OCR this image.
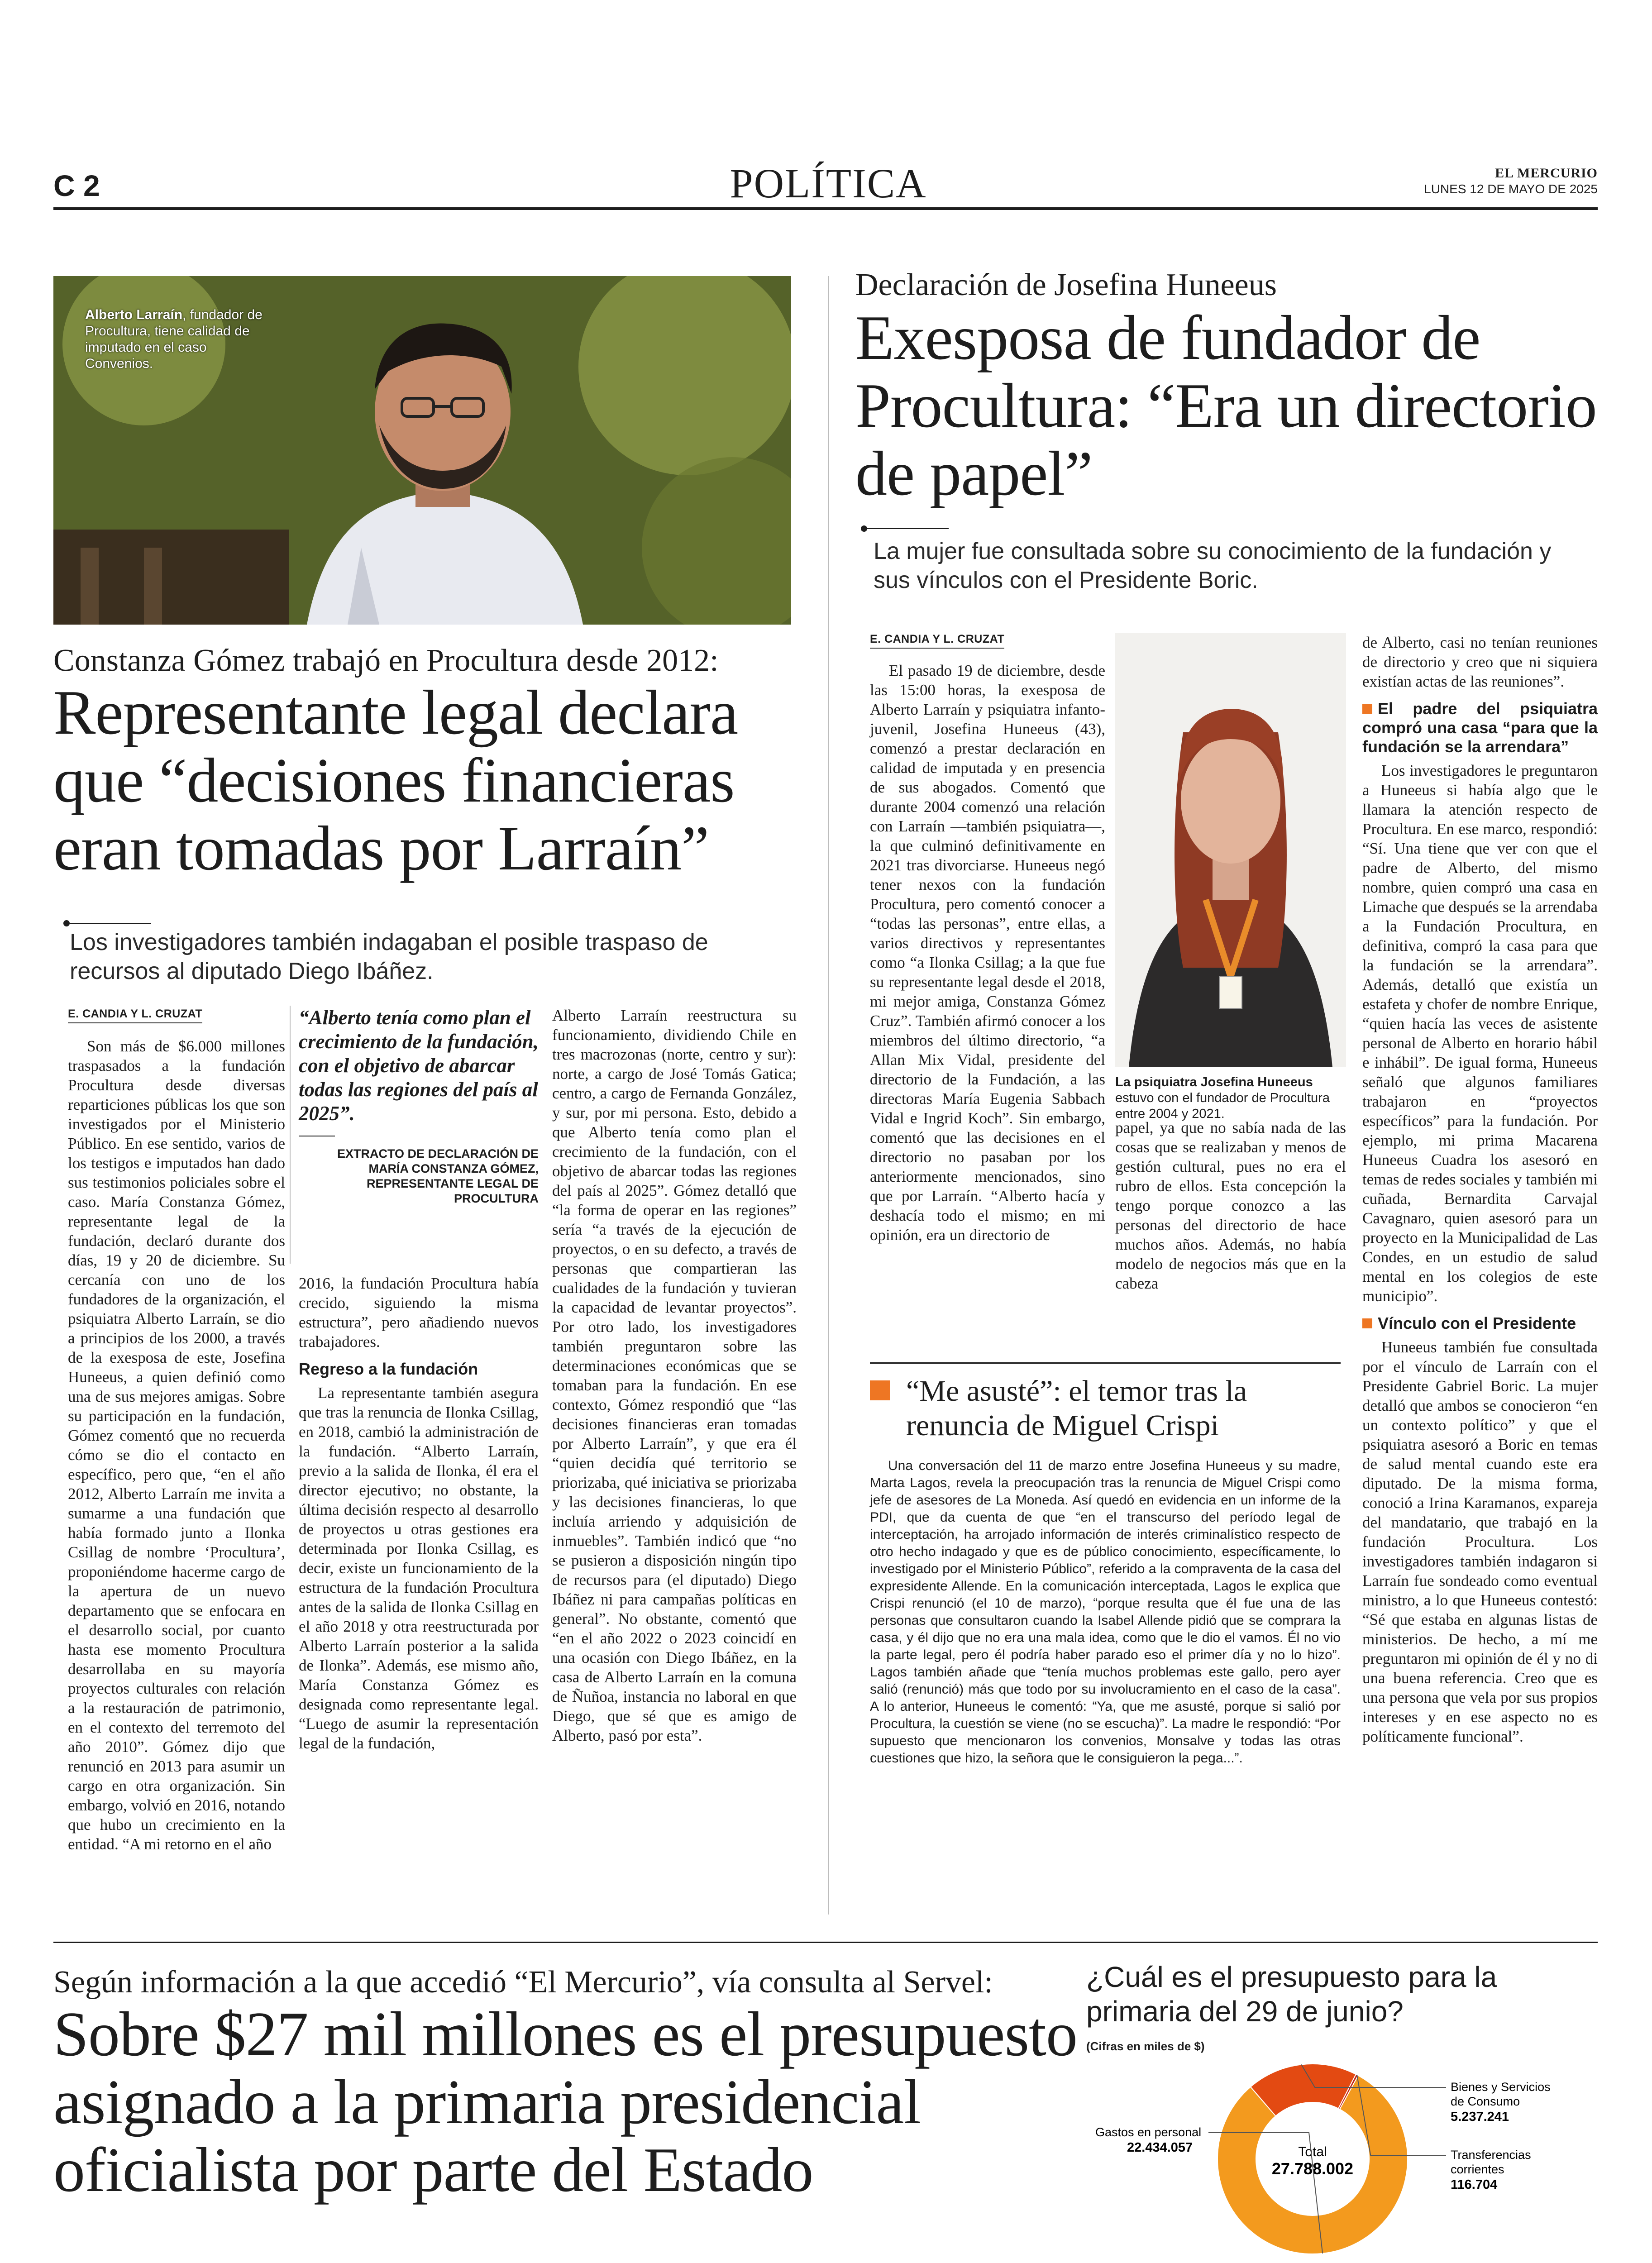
C 2	POLÍTICA	EL MERCURIO
LUNES 12 DE MAYO DE 2025
Alberto Larraín, fundador de Procultura, tiene calidad de imputado en el caso Convenios.
Constanza Gómez trabajó en Procultura desde 2012:
Representante legal declara que “decisiones financieras eran tomadas por Larraín”
Los investigadores también indagaban el posible traspaso de recursos al diputado Diego Ibáñez.
E. CANDIA Y L. CRUZAT

Son más de $6.000 millones traspasados a la fundación Procultura desde diversas reparticiones públicas los que son investigados por el Ministerio Público. En ese sentido, varios de los testigos e imputados han dado sus testimonios policiales sobre el caso. María Constanza Gómez, representante legal de la fundación, declaró durante dos días, 19 y 20 de diciembre. Su cercanía con uno de los fundadores de la organización, el psiquiatra Alberto Larraín, se dio a principios de los 2000, a través de la exesposa de este, Josefina Huneeus, a quien definió como una de sus mejores amigas. Sobre su participación en la fundación, Gómez comentó que no recuerda cómo se dio el contacto en específico, pero que, “en el año 2012, Alberto Larraín me invita a sumarme a una fundación que había formado junto a Ilonka Csillag de nombre ‘Procultura’, proponiéndome hacerme cargo de la apertura de un nuevo departamento que se enfocara en el desarrollo social, por cuanto hasta ese momento Procultura desarrollaba en su mayoría proyectos culturales con relación a la restauración de patrimonio, en el contexto del terremoto del año 2010”. Gómez dijo que renunció en 2013 para asumir un cargo en otra organización. Sin embargo, volvió en 2016, notando que hubo un crecimiento en la entidad. “A mi retorno en el año

“Alberto tenía como plan el crecimiento de la fundación, con el objetivo de abarcar todas las regiones del país al 2025”.
EXTRACTO DE DECLARACIÓN DE MARÍA CONSTANZA GÓMEZ, REPRESENTANTE LEGAL DE PROCULTURA

2016, la fundación Procultura había crecido, siguiendo la misma estructura”, pero añadiendo nuevos trabajadores.

Regreso a la fundación

La representante también asegura que tras la renuncia de Ilonka Csillag, en 2018, cambió la administración de la fundación. “Alberto Larraín, previo a la salida de Ilonka, él era el director ejecutivo; no obstante, la última decisión respecto al desarrollo de proyectos u otras gestiones era determinada por Ilonka Csillag, es decir, existe un funcionamiento de la estructura de la fundación Procultura antes de la salida de Ilonka Csillag en el año 2018 y otra reestructurada por Alberto Larraín posterior a la salida de Ilonka”. Además, ese mismo año, María Constanza Gómez es designada como representante legal. “Luego de asumir la representación legal de la fundación,

Alberto Larraín reestructura su funcionamiento, dividiendo Chile en tres macrozonas (norte, centro y sur): norte, a cargo de José Tomás Gatica; centro, a cargo de Fernanda González, y sur, por mi persona. Esto, debido a que Alberto tenía como plan el crecimiento de la fundación, con el objetivo de abarcar todas las regiones del país al 2025”. Gómez detalló que “la forma de operar en las regiones” sería “a través de la ejecución de proyectos, o en su defecto, a través de personas que compartieran las cualidades de la fundación y tuvieran la capacidad de levantar proyectos”. Por otro lado, los investigadores también preguntaron sobre las determinaciones económicas que se tomaban para la fundación. En ese contexto, Gómez respondió que “las decisiones financieras eran tomadas por Alberto Larraín”, y que era él “quien decidía qué territorio se priorizaba, qué iniciativa se priorizaba y las decisiones financieras, lo que incluía arriendo y adquisición de inmuebles”. También indicó que “no se pusieron a disposición ningún tipo de recursos para (el diputado) Diego Ibáñez ni para campañas políticas en general”. No obstante, comentó que “en el año 2022 o 2023 coincidí en una ocasión con Diego Ibáñez, en la casa de Alberto Larraín en la comuna de Ñuñoa, instancia no laboral en que Diego, que sé que es amigo de Alberto, pasó por esta”.

Declaración de Josefina Huneeus
Exesposa de fundador de Procultura: “Era un directorio de papel”
La mujer fue consultada sobre su conocimiento de la fundación y sus vínculos con el Presidente Boric.
E. CANDIA Y L. CRUZAT

El pasado 19 de diciembre, desde las 15:00 horas, la exesposa de Alberto Larraín y psiquiatra infanto-juvenil, Josefina Huneeus (43), comenzó a prestar declaración en calidad de imputada y en presencia de sus abogados. Comentó que durante 2004 comenzó una relación con Larraín —también psiquiatra—, la que culminó definitivamente en 2021 tras divorciarse. Huneeus negó tener nexos con la fundación Procultura, pero comentó conocer a “todas las personas”, entre ellas, a varios directivos y representantes como “a Ilonka Csillag; a la que fue su representante legal desde el 2018, mi mejor amiga, Constanza Gómez Cruz”. También afirmó conocer a los miembros del último directorio, “a Allan Mix Vidal, presidente del directorio de la Fundación, a las directoras María Eugenia Sabbach Vidal e Ingrid Koch”. Sin embargo, comentó que las decisiones en el directorio no pasaban por los anteriormente mencionados, sino que por Larraín. “Alberto hacía y deshacía todo el mismo; en mi opinión, era un directorio de

La psiquiatra Josefina Huneeus estuvo con el fundador de Procultura entre 2004 y 2021.

papel, ya que no sabía nada de las cosas que se realizaban y menos de gestión cultural, pues no era el rubro de ellos. Esta concepción la tengo porque conozco a las personas del directorio de hace muchos años. Además, no había modelo de negocios más que en la cabeza

de Alberto, casi no tenían reuniones de directorio y creo que ni siquiera existían actas de las reuniones”.

El padre del psiquiatra compró una casa “para que la fundación se la arrendara”

Los investigadores le preguntaron a Huneeus si había algo que le llamara la atención respecto de Procultura. En ese marco, respondió: “Sí. Una tiene que ver con que el padre de Alberto, del mismo nombre, quien compró una casa en Limache que después se la arrendaba a la Fundación Procultura, en definitiva, compró la casa para que la fundación se la arrendara”. Además, detalló que existía un estafeta y chofer de nombre Enrique, “quien hacía las veces de asistente personal de Alberto en horario hábil e inhábil”. De igual forma, Huneeus señaló que algunos familiares trabajaron en “proyectos específicos” para la fundación. Por ejemplo, mi prima Macarena Huneeus Cuadra los asesoró en temas de redes sociales y también mi cuñada, Bernardita Carvajal Cavagnaro, quien asesoró para un proyecto en la Municipalidad de Las Condes, en un estudio de salud mental en los colegios de este municipio”.

Vínculo con el Presidente

Huneeus también fue consultada por el vínculo de Larraín con el Presidente Gabriel Boric. La mujer detalló que ambos se conocieron “en un contexto político” y que el psiquiatra asesoró a Boric en temas de salud mental cuando este era diputado. De la misma forma, conoció a Irina Karamanos, expareja del mandatario, que trabajó en la fundación Procultura. Los investigadores también indagaron si Larraín fue sondeado como eventual ministro, a lo que Huneeus contestó: “Sé que estaba en algunas listas de ministerios. De hecho, a mí me preguntaron mi opinión de él y no di una buena referencia. Creo que es una persona que vela por sus propios intereses y en ese aspecto no es políticamente funcional”.

“Me asusté”: el temor tras la renuncia de Miguel Crispi
Una conversación del 11 de marzo entre Josefina Huneeus y su madre, Marta Lagos, revela la preocupación tras la renuncia de Miguel Crispi como jefe de asesores de La Moneda. Así quedó en evidencia en un informe de la PDI, que da cuenta de que “en el transcurso del período legal de interceptación, ha arrojado información de interés criminalístico respecto de otro hecho indagado y que es de público conocimiento, específicamente, lo investigado por el Ministerio Público”, referido a la compraventa de la casa del expresidente Allende. En la comunicación interceptada, Lagos le explica que Crispi renunció (el 10 de marzo), “porque resulta que él fue una de las personas que consultaron cuando la Isabel Allende pidió que se comprara la casa, y él dijo que no era una mala idea, como que le dio el vamos. Él no vio la parte legal, pero él podría haber parado eso el primer día y no lo hizo”. Lagos también añade que “tenía muchos problemas este gallo, pero ayer salió (renunció) más que todo por su involucramiento en el caso de la casa”. A lo anterior, Huneeus le comentó: “Ya, que me asusté, porque si salió por Procultura, la cuestión se viene (no se escucha)”. La madre le respondió: “Por supuesto que mencionaron los convenios, Monsalve y todas las otras cuestiones que hizo, la señora que le consiguieron la pega...”.
Según información a la que accedió “El Mercurio”, vía consulta al Servel:
Sobre $27 mil millones es el presupuesto asignado a la primaria presidencial oficialista por parte del Estado

¿Cuál es el presupuesto para la primaria del 29 de junio?
(Cifras en miles de $)
Total
27.788.002
Gastos en personal
22.434.057
Bienes y Servicios
de Consumo
5.237.241
Transferencias
corrientes
116.704
